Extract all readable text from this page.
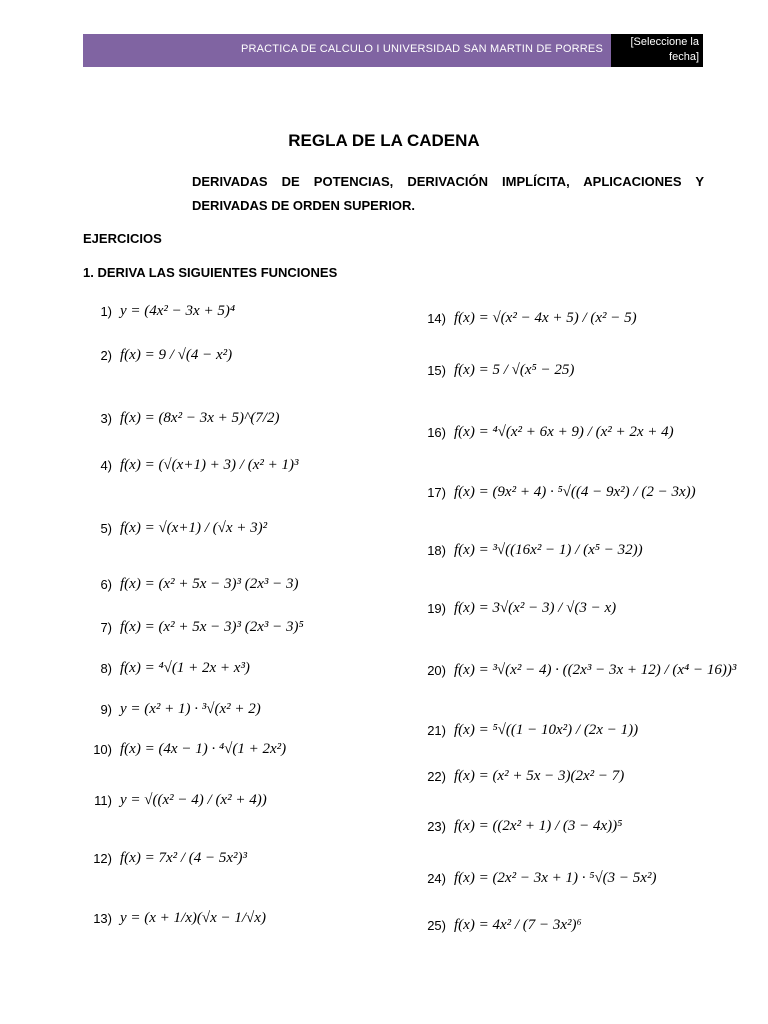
PRACTICA DE CALCULO I UNIVERSIDAD SAN MARTIN DE PORRES
[Seleccione la
fecha]
REGLA DE LA CADENA
DERIVADAS DE POTENCIAS, DERIVACIÓN IMPLÍCITA, APLICACIONES Y DERIVADAS DE ORDEN SUPERIOR.
EJERCICIOS
1. DERIVA LAS SIGUIENTES FUNCIONES
1) y = (4x² − 3x + 5)⁴
2) f(x) = 9 / √(4 − x²)
3) f(x) = (8x² − 3x + 5)^(7/2)
4) f(x) = (√(x+1) + 3) / (x² + 1)³
5) f(x) = √(x+1) / (√x + 3)²
6) f(x) = (x² + 5x − 3)³ (2x³ − 3)
7) f(x) = (x² + 5x − 3)³ (2x³ − 3)⁵
8) f(x) = ⁴√(1 + 2x + x³)
9) y = (x² + 1) · ³√(x² + 2)
10) f(x) = (4x − 1) · ⁴√(1 + 2x²)
11) y = √((x² − 4) / (x² + 4))
12) f(x) = 7x² / (4 − 5x²)³
13) y = (x + 1/x)(√x − 1/√x)
14) f(x) = √(x² − 4x + 5) / (x² − 5)
15) f(x) = 5 / √(x⁵ − 25)
16) f(x) = ⁴√(x² + 6x + 9) / (x² + 2x + 4)
17) f(x) = (9x² + 4) · ⁵√((4 − 9x²) / (2 − 3x))
18) f(x) = ³√((16x² − 1) / (x⁵ − 32))
19) f(x) = 3√(x² − 3) / √(3 − x)
20) f(x) = ³√(x² − 4) · ((2x³ − 3x + 12) / (x⁴ − 16))³
21) f(x) = ⁵√((1 − 10x²) / (2x − 1))
22) f(x) = (x² + 5x − 3)(2x² − 7)
23) f(x) = ((2x² + 1) / (3 − 4x))⁵
24) f(x) = (2x² − 3x + 1) · ⁵√(3 − 5x²)
25) f(x) = 4x² / (7 − 3x²)⁶
